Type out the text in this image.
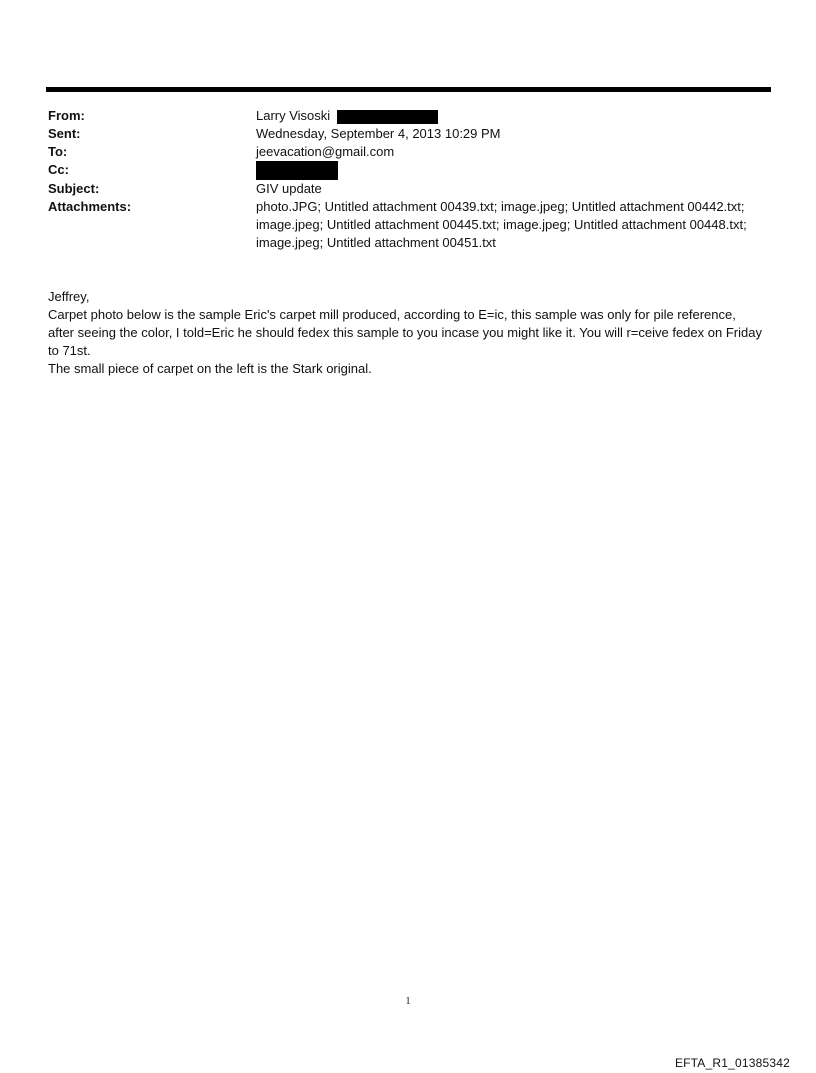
From:	Larry Visoski
Sent:	Wednesday, September 4, 2013 10:29 PM
To:	jeevacation@gmail.com
Cc:
Subject:	GIV update
Attachments:	photo.JPG; Untitled attachment 00439.txt; image.jpeg; Untitled attachment 00442.txt; image.jpeg; Untitled attachment 00445.txt; image.jpeg; Untitled attachment 00448.txt; image.jpeg; Untitled attachment 00451.txt

Jeffrey,

Carpet photo below is the sample Eric's carpet mill produced, according to E=ic, this sample was only for pile reference, after seeing the color, I told=Eric he should fedex this sample to you incase you might like it. You will r=ceive fedex on Friday to 71st.

The small piece of carpet on the left is the Stark original.

1
EFTA_R1_01385342
